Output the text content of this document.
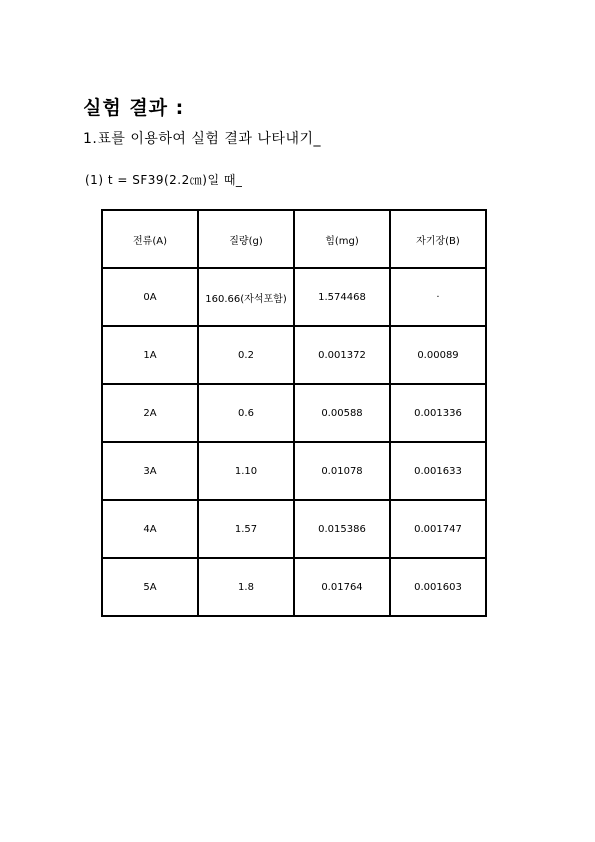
실험 결과 :
1.표를 이용하여 실험 결과 나타내기_
(1) t = SF39(2.2㎝)일 때_
전류(A)	질량(g)	힘(mg)	자기장(B)
0A	160.66(자석포함)	1.574468	·
1A	0.2	0.001372	0.00089
2A	0.6	0.00588	0.001336
3A	1.10	0.01078	0.001633
4A	1.57	0.015386	0.001747
5A	1.8	0.01764	0.001603
